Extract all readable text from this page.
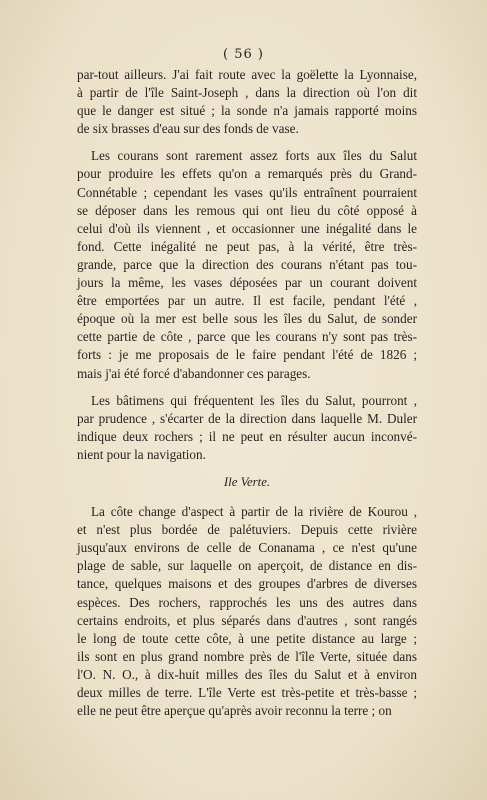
( 56 )
par-tout ailleurs. J'ai fait route avec la goëlette la Lyonnaise,
à partir de l'île Saint-Joseph , dans la direction où l'on dit
que le danger est situé ; la sonde n'a jamais rapporté moins
de six brasses d'eau sur des fonds de vase.
Les courans sont rarement assez forts aux îles du Salut
pour produire les effets qu'on a remarqués près du Grand-
Connétable ; cependant les vases qu'ils entraînent pourraient
se déposer dans les remous qui ont lieu du côté opposé à
celui d'où ils viennent , et occasionner une inégalité dans le
fond. Cette inégalité ne peut pas, à la vérité, être très-
grande, parce que la direction des courans n'étant pas tou-
jours la même, les vases déposées par un courant doivent
être emportées par un autre. Il est facile, pendant l'été ,
époque où la mer est belle sous les îles du Salut, de sonder
cette partie de côte , parce que les courans n'y sont pas très-
forts : je me proposais de le faire pendant l'été de 1826 ;
mais j'ai été forcé d'abandonner ces parages.
Les bâtimens qui fréquentent les îles du Salut, pourront ,
par prudence , s'écarter de la direction dans laquelle M. Duler
indique deux rochers ; il ne peut en résulter aucun inconvé-
nient pour la navigation.
Ile Verte.
La côte change d'aspect à partir de la rivière de Kourou ,
et n'est plus bordée de palétuviers. Depuis cette rivière
jusqu'aux environs de celle de Conanama , ce n'est qu'une
plage de sable, sur laquelle on aperçoit, de distance en dis-
tance, quelques maisons et des groupes d'arbres de diverses
espèces. Des rochers, rapprochés les uns des autres dans
certains endroits, et plus séparés dans d'autres , sont rangés
le long de toute cette côte, à une petite distance au large ;
ils sont en plus grand nombre près de l'île Verte, située dans
l'O. N. O., à dix-huit milles des îles du Salut et à environ
deux milles de terre. L'île Verte est très-petite et très-basse ;
elle ne peut être aperçue qu'après avoir reconnu la terre ; on
